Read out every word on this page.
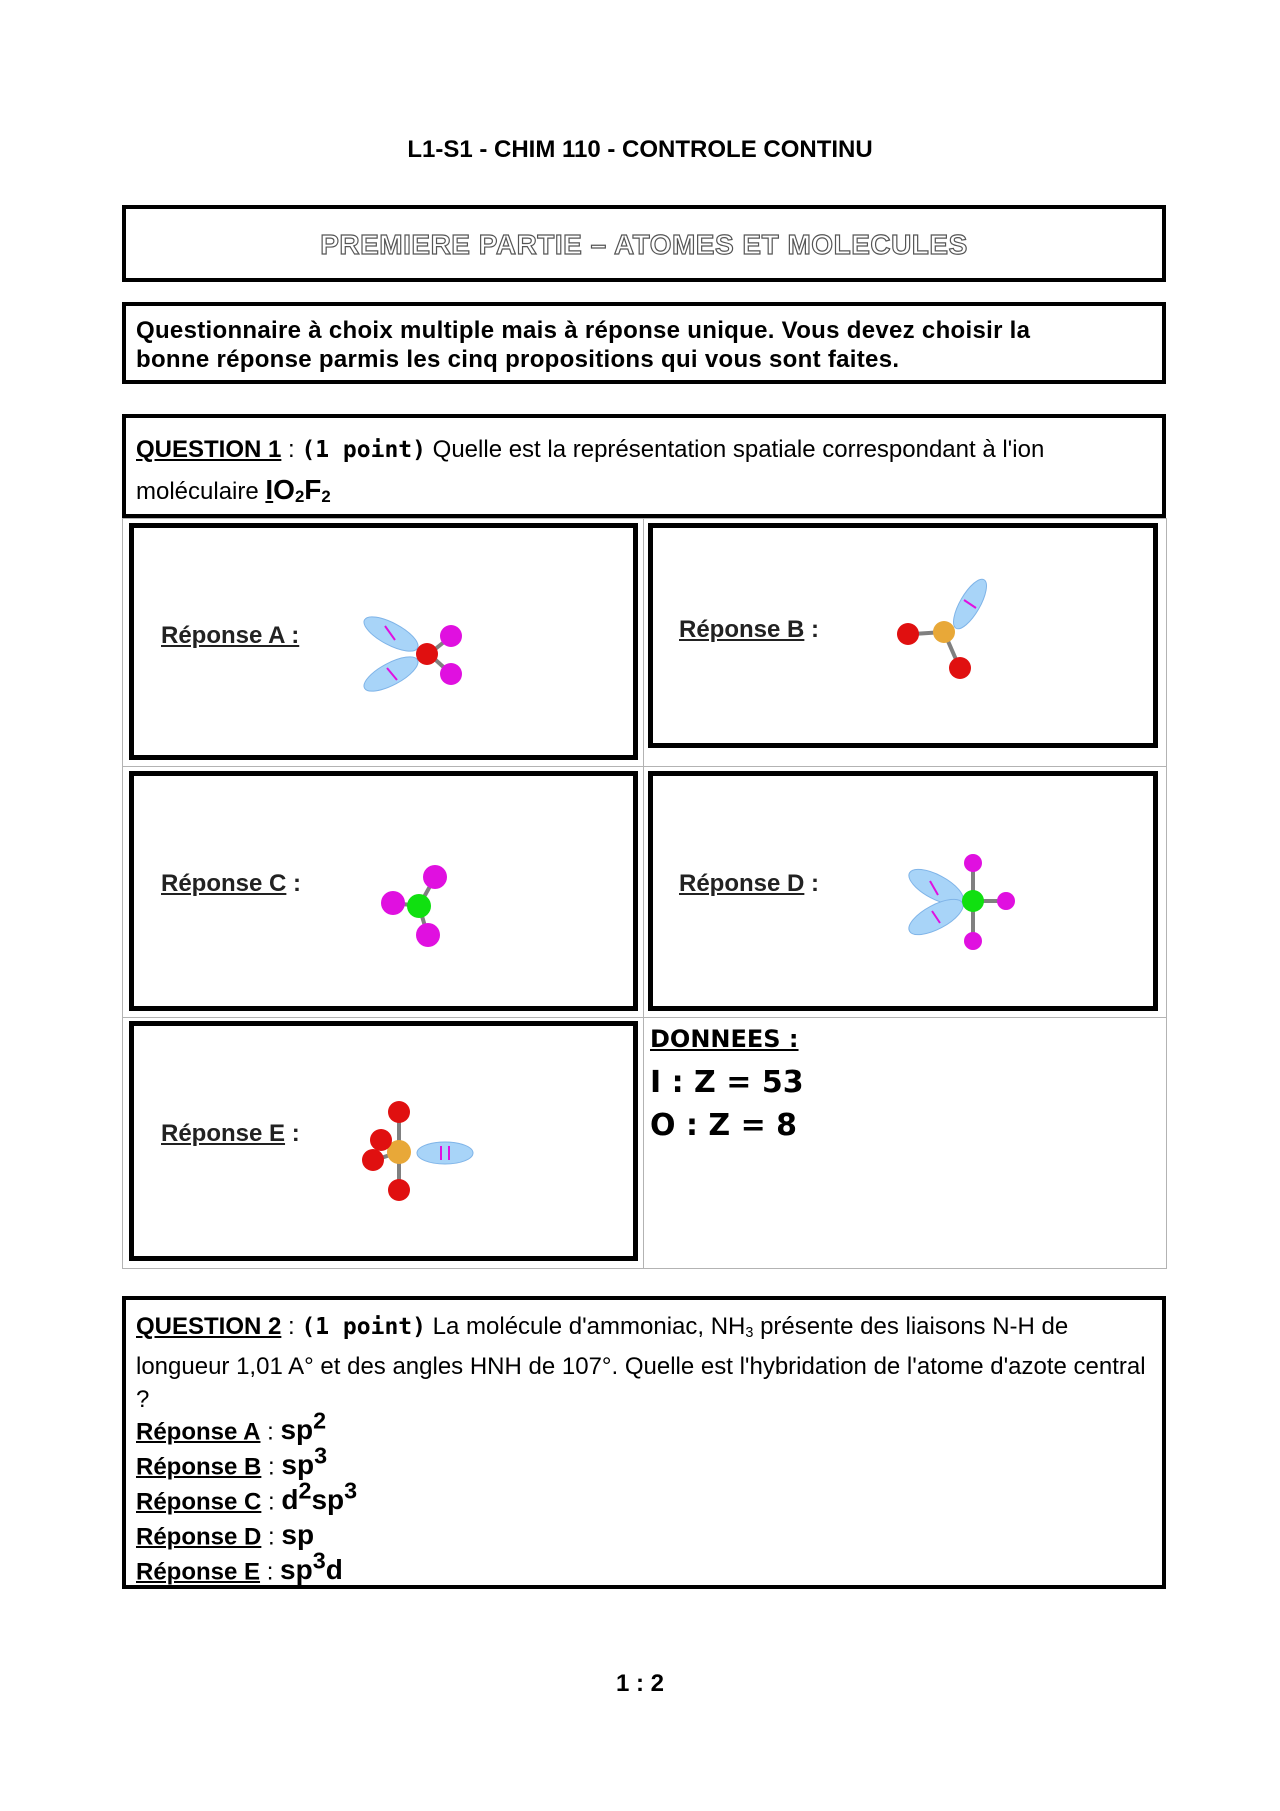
L1-S1 - CHIM 110 - CONTROLE CONTINU
PREMIERE PARTIE – ATOMES ET MOLECULES
Questionnaire à choix multiple mais à réponse unique. Vous devez choisir la
bonne réponse parmis les cinq propositions qui vous sont faites.
QUESTION 1 : (1 point) Quelle est la représentation spatiale correspondant à l'ion
moléculaire $IO_2F_2$
Réponse A :	Réponse B :
Réponse C :	Réponse D :
Réponse E :
DONNEES :
I : Z = 53
O : Z = 8
QUESTION 2 : (1 point) La molécule d'ammoniac, $NH_3$ présente des liaisons N-H de longueur 1,01 A° et des angles HNH de 107°. Quelle est l'hybridation de l'atome d'azote central ?
Réponse A : $sp^2$
Réponse B : $sp^3$
Réponse C : $d^2sp^3$
Réponse D : sp
Réponse E : $sp^3d$
1 : 2
